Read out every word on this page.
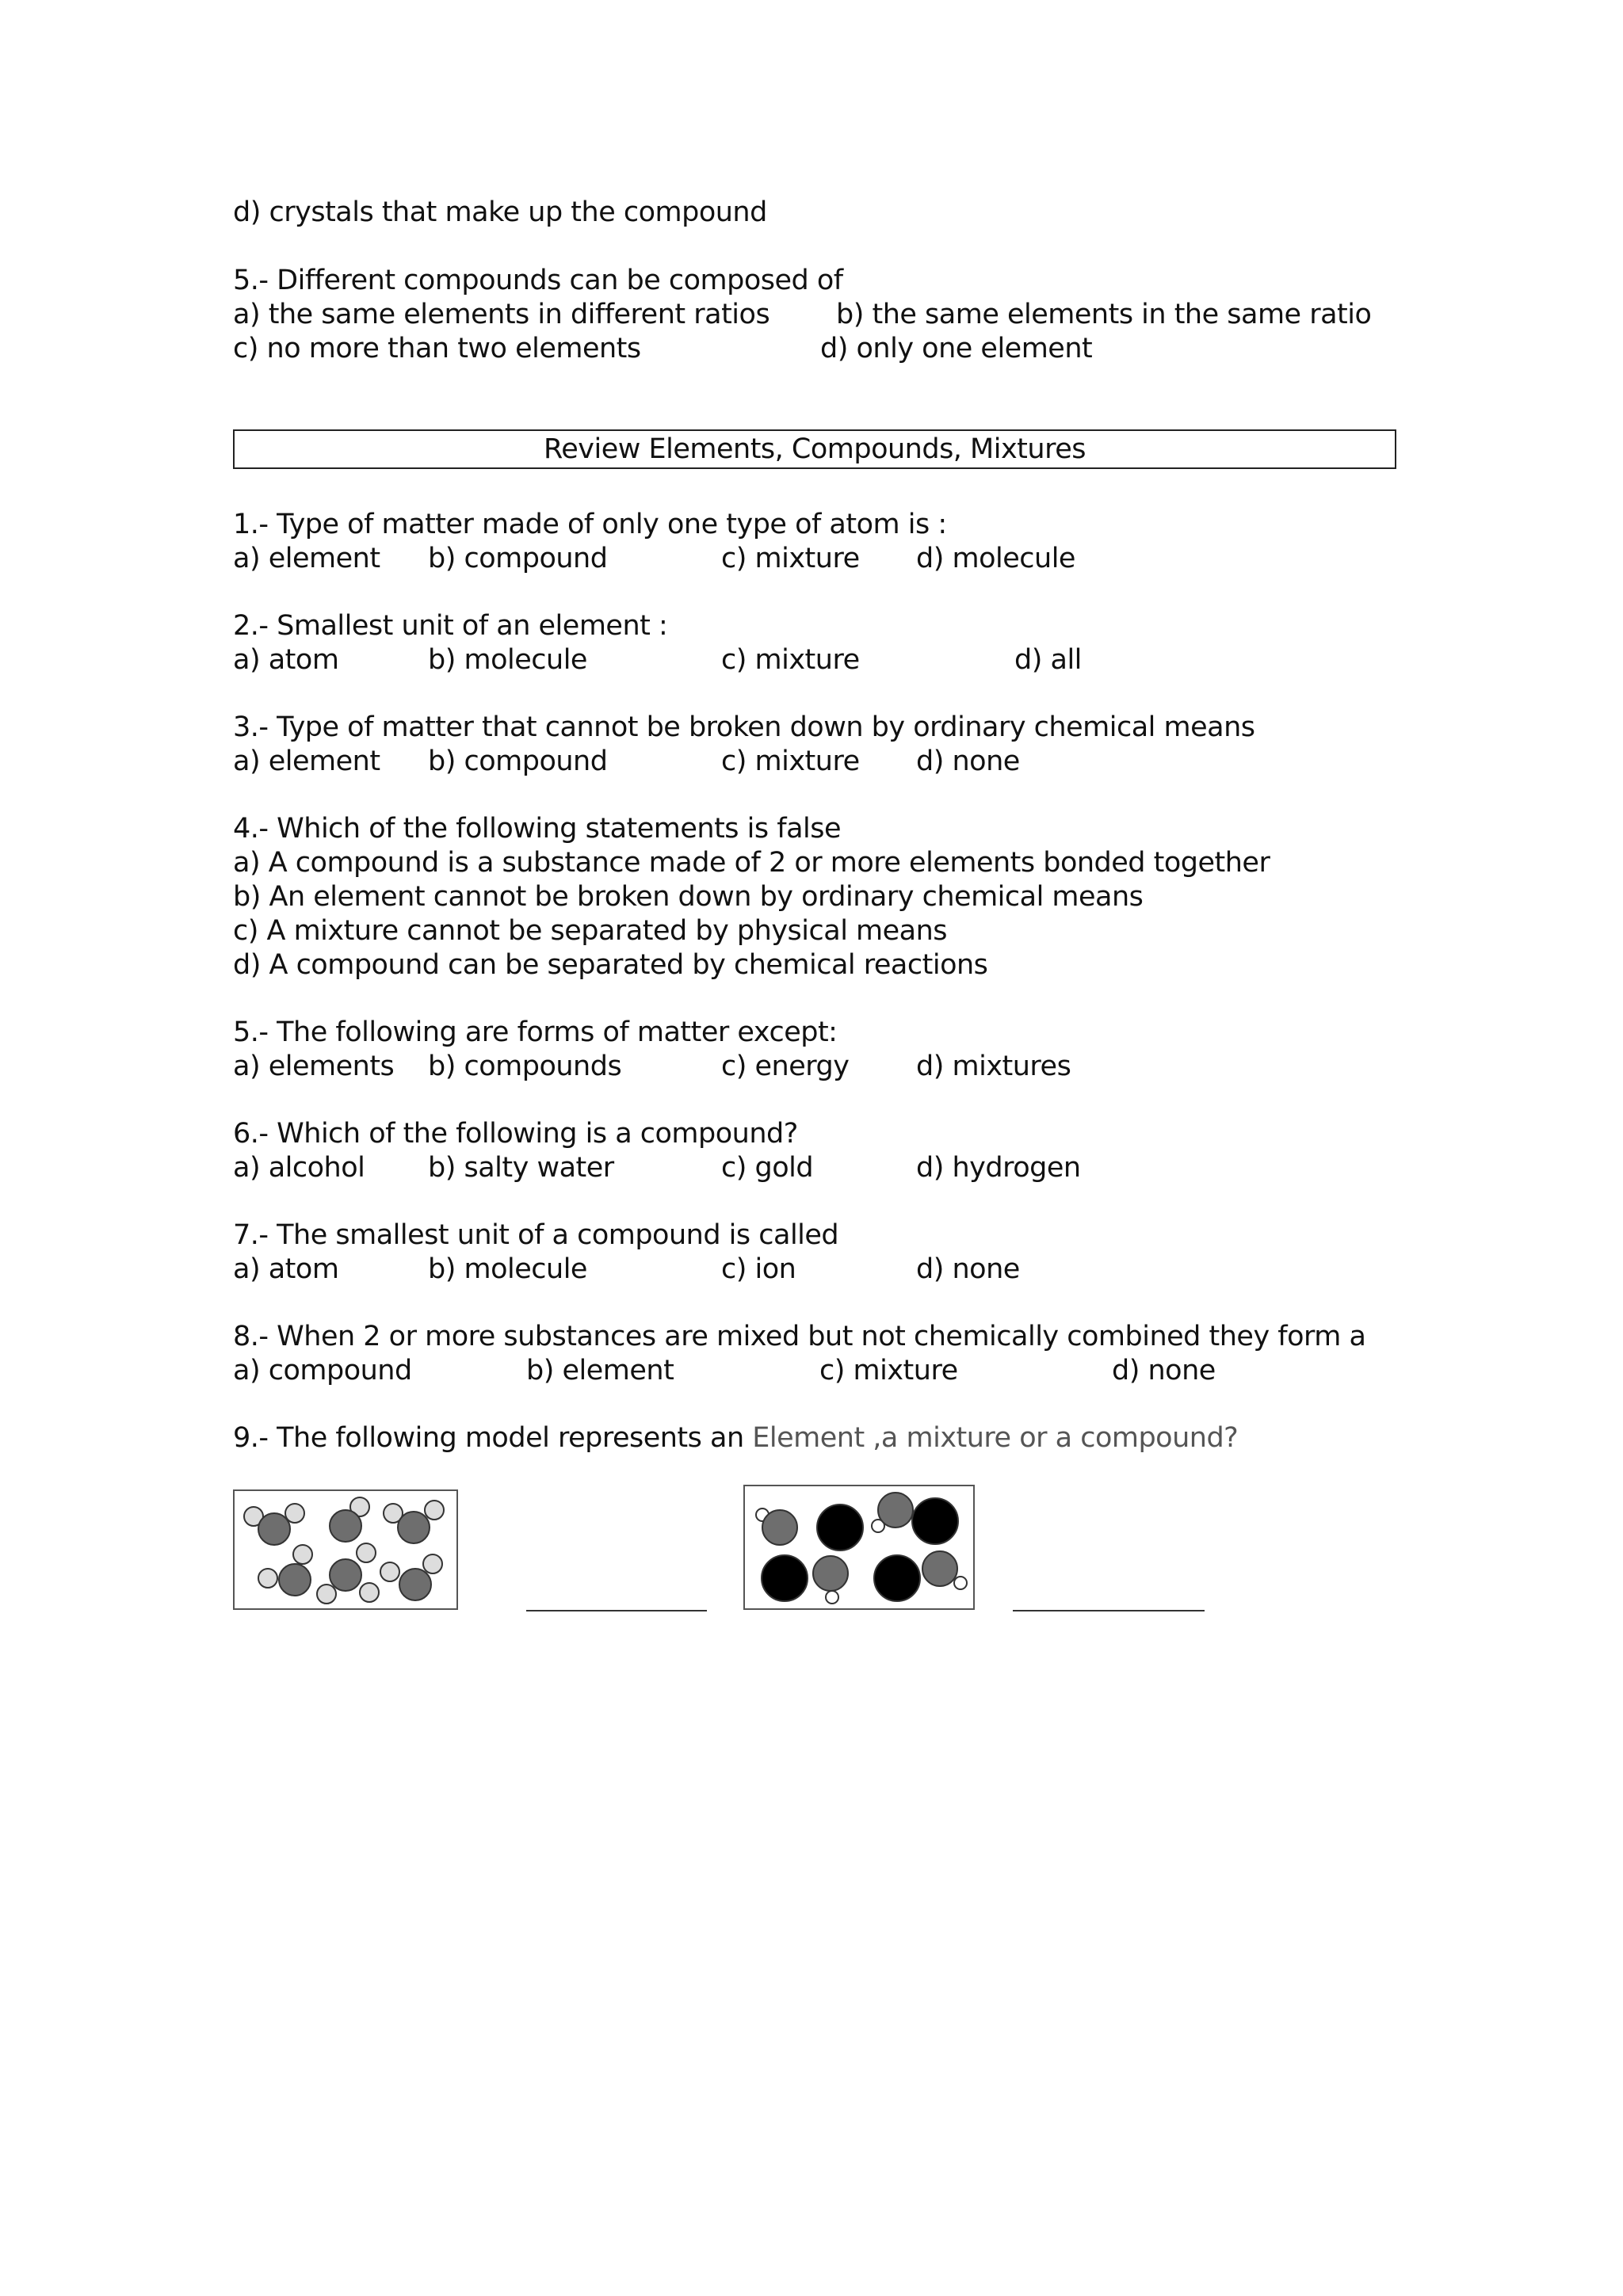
d) crystals that make up the compound
5.- Different compounds can be composed of
a) the same elements in different ratios b) the same elements in the same ratio
c) no more than two elements	d) only one element
Review Elements, Compounds, Mixtures
1.- Type of matter made of only one type of atom is :
a) element b) compound	c) mixture d) molecule
2.- Smallest unit of an element :
a) atom	b) molecule	c) mixture	d) all
3.- Type of matter that cannot be broken down by ordinary chemical means
a) element b) compound	c) mixture d) none
4.- Which of the following statements is false
a) A compound is a substance made of 2 or more elements bonded together
b) An element cannot be broken down by ordinary chemical means
c) A mixture cannot be separated by physical means
d) A compound can be separated by chemical reactions
5.- The following are forms of matter except:
a) elements b) compounds	c) energy d) mixtures
6.- Which of the following is a compound?
a) alcohol b) salty water	c) gold	d) hydrogen
7.- The smallest unit of a compound is called
a) atom	b) molecule	c) ion	d) none
8.- When 2 or more substances are mixed but not chemically combined they form a
a) compound	b) element	c) mixture	d) none
9.- The following model represents an Element ,a mixture or a compound?
